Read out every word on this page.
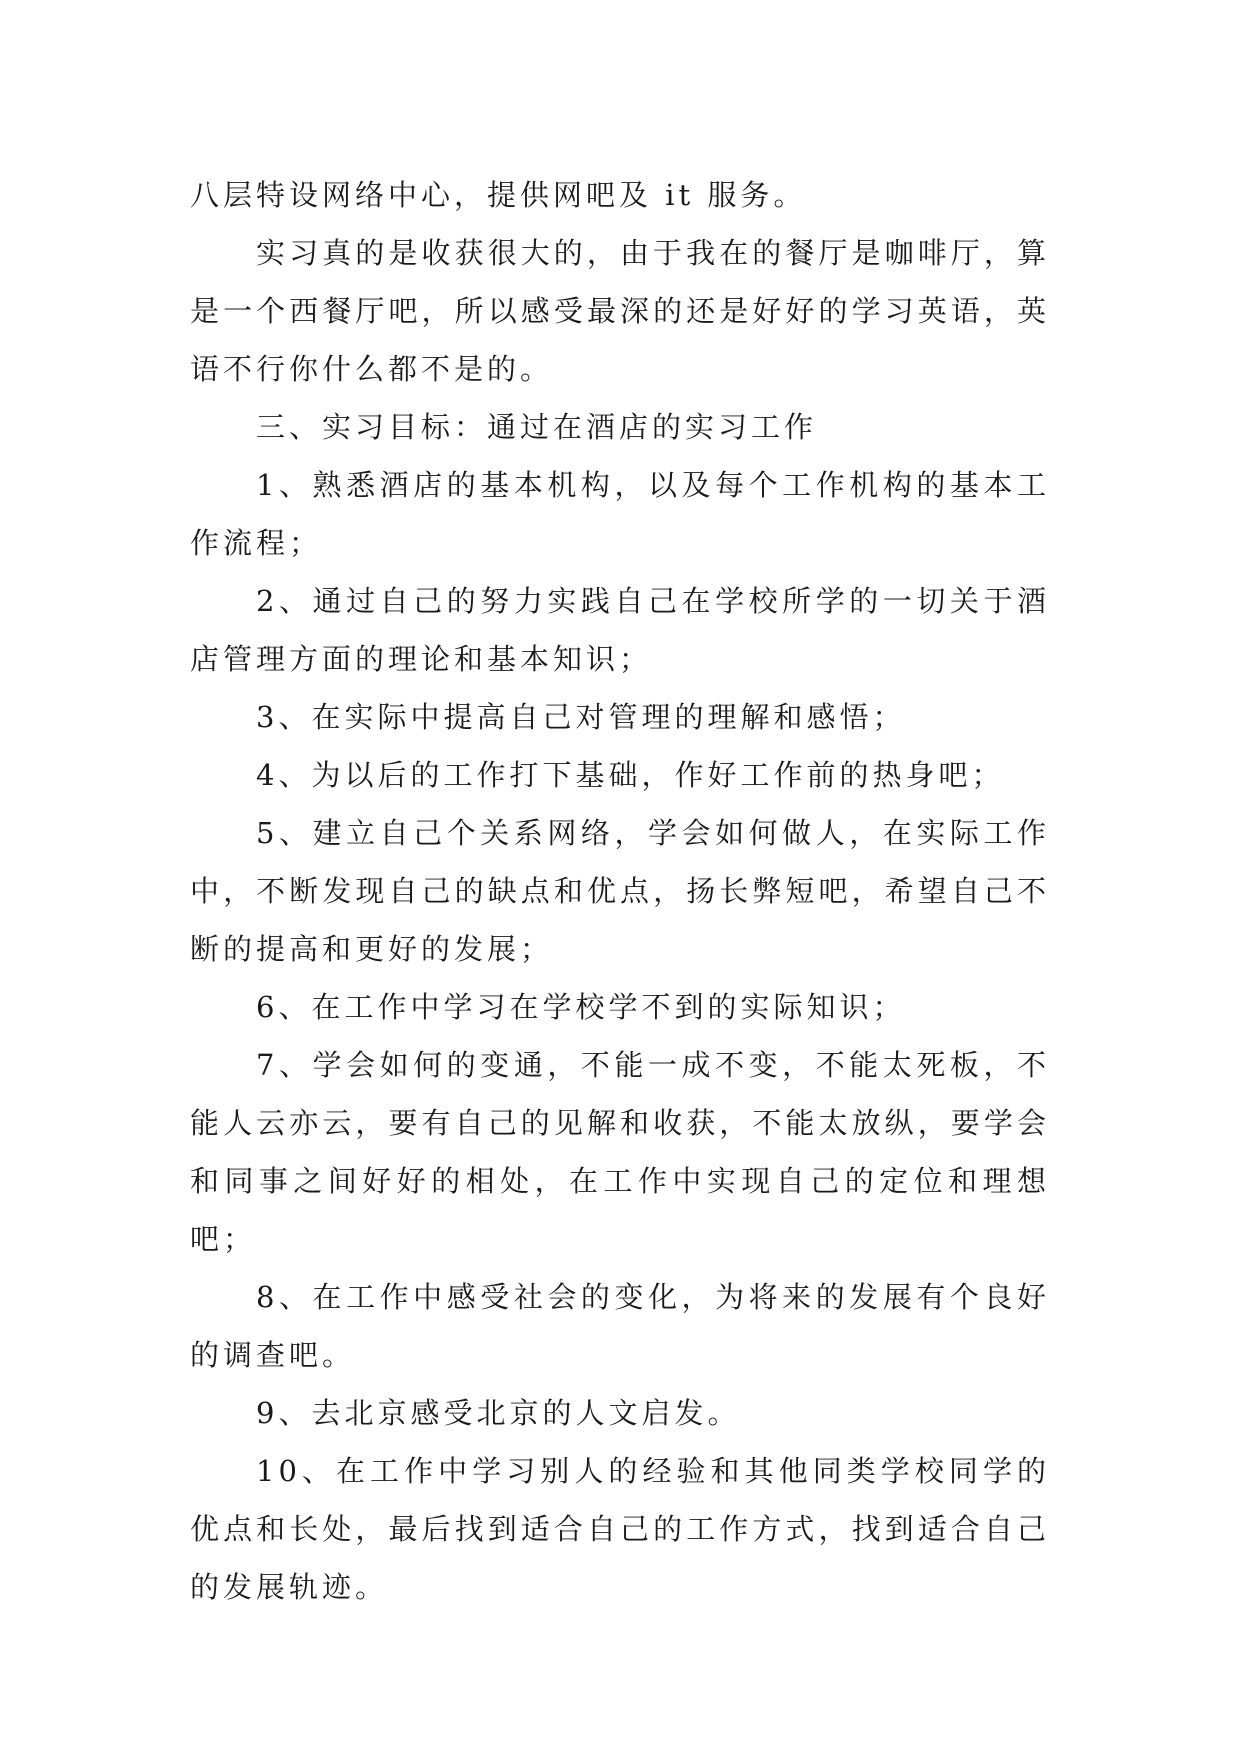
八层特设网络中心，提供网吧及 it 服务。

实习真的是收获很大的，由于我在的餐厅是咖啡厅，算是一个西餐厅吧，所以感受最深的还是好好的学习英语，英语不行你什么都不是的。

三、实习目标：通过在酒店的实习工作

1、熟悉酒店的基本机构，以及每个工作机构的基本工作流程；

2、通过自己的努力实践自己在学校所学的一切关于酒店管理方面的理论和基本知识；

3、在实际中提高自己对管理的理解和感悟；

4、为以后的工作打下基础，作好工作前的热身吧；

5、建立自己个关系网络，学会如何做人，在实际工作中，不断发现自己的缺点和优点，扬长弊短吧，希望自己不断的提高和更好的发展；

6、在工作中学习在学校学不到的实际知识；

7、学会如何的变通，不能一成不变，不能太死板，不能人云亦云，要有自己的见解和收获，不能太放纵，要学会和同事之间好好的相处，在工作中实现自己的定位和理想吧；

8、在工作中感受社会的变化，为将来的发展有个良好的调查吧。

9、去北京感受北京的人文启发。

10、在工作中学习别人的经验和其他同类学校同学的优点和长处，最后找到适合自己的工作方式，找到适合自己的发展轨迹。
